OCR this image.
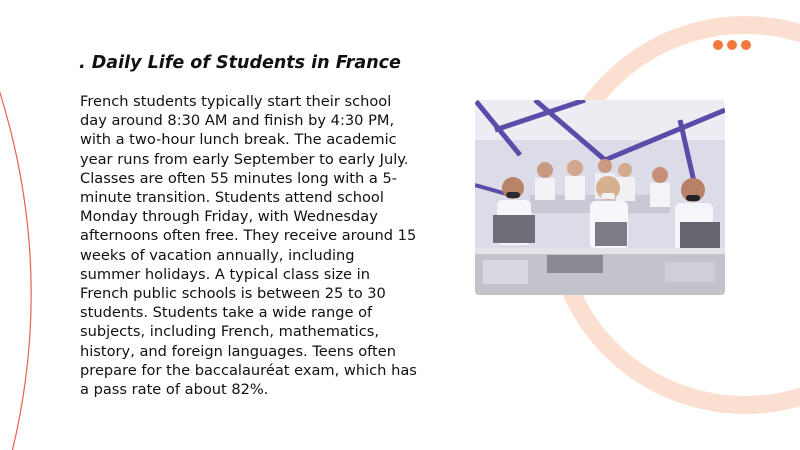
. Daily Life of Students in France

French students typically start their school day around 8:30 AM and finish by 4:30 PM, with a two-hour lunch break. The academic year runs from early September to early July. Classes are often 55 minutes long with a 5-minute transition. Students attend school Monday through Friday, with Wednesday afternoons often free. They receive around 15 weeks of vacation annually, including summer holidays. A typical class size in French public schools is between 25 to 30 students. Students take a wide range of subjects, including French, mathematics, history, and foreign languages. Teens often prepare for the baccalauréat exam, which has a pass rate of about 82%.
